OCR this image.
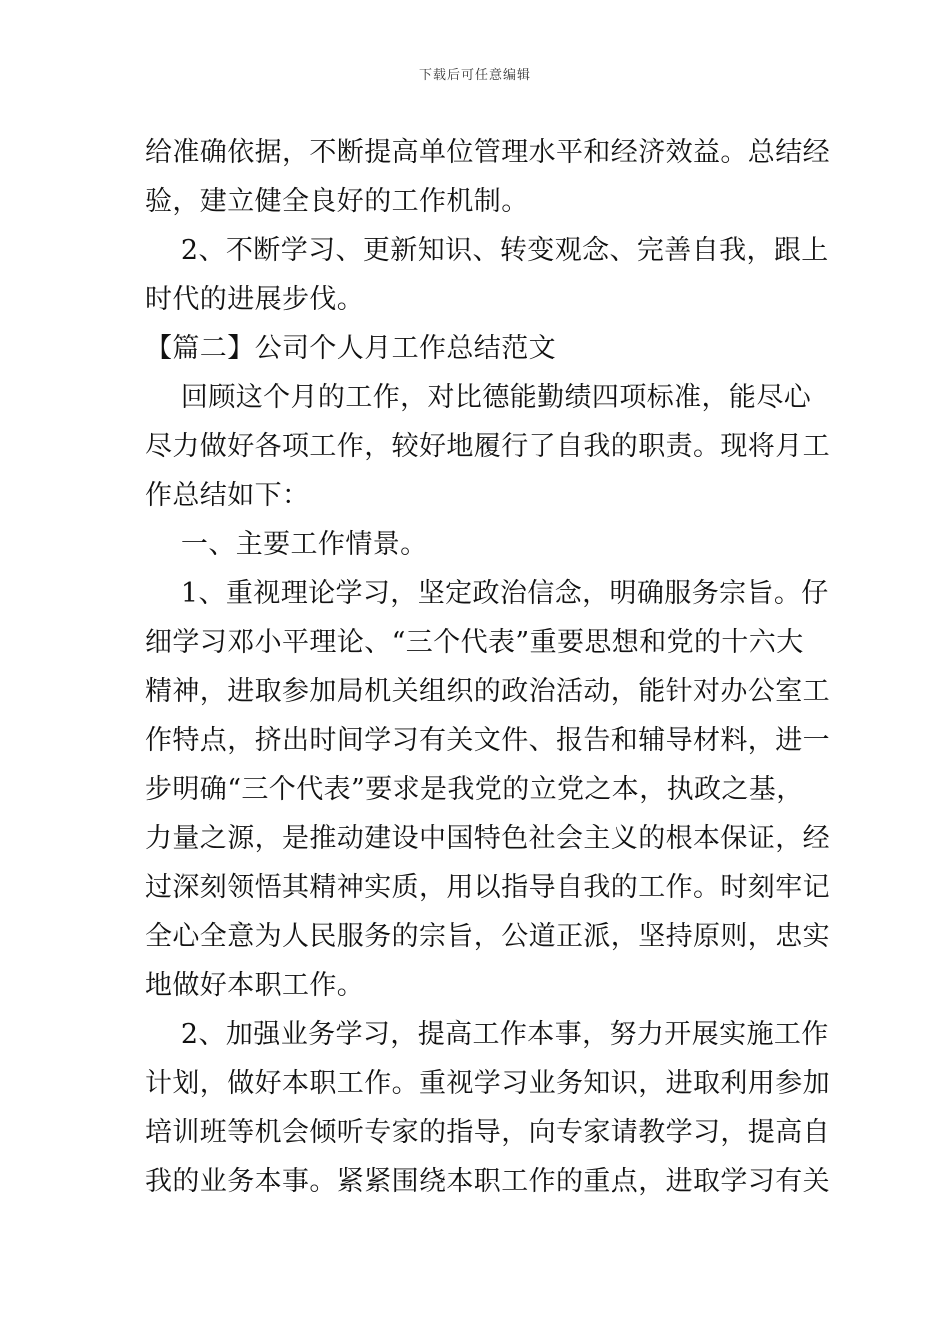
下载后可任意编辑
给准确依据，不断提高单位管理水平和经济效益。总结经
验，建立健全良好的工作机制。
2、不断学习、更新知识、转变观念、完善自我，跟上
时代的进展步伐。
【篇二】公司个人月工作总结范文
回顾这个月的工作，对比德能勤绩四项标准，能尽心
尽力做好各项工作，较好地履行了自我的职责。现将月工
作总结如下：
一、主要工作情景。
1、重视理论学习，坚定政治信念，明确服务宗旨。仔
细学习邓小平理论、“三个代表”重要思想和党的十六大
精神，进取参加局机关组织的政治活动，能针对办公室工
作特点，挤出时间学习有关文件、报告和辅导材料，进一
步明确“三个代表”要求是我党的立党之本，执政之基，
力量之源，是推动建设中国特色社会主义的根本保证，经
过深刻领悟其精神实质，用以指导自我的工作。时刻牢记
全心全意为人民服务的宗旨，公道正派，坚持原则，忠实
地做好本职工作。
2、加强业务学习，提高工作本事，努力开展实施工作
计划，做好本职工作。重视学习业务知识，进取利用参加
培训班等机会倾听专家的指导，向专家请教学习，提高自
我的业务本事。紧紧围绕本职工作的重点，进取学习有关
